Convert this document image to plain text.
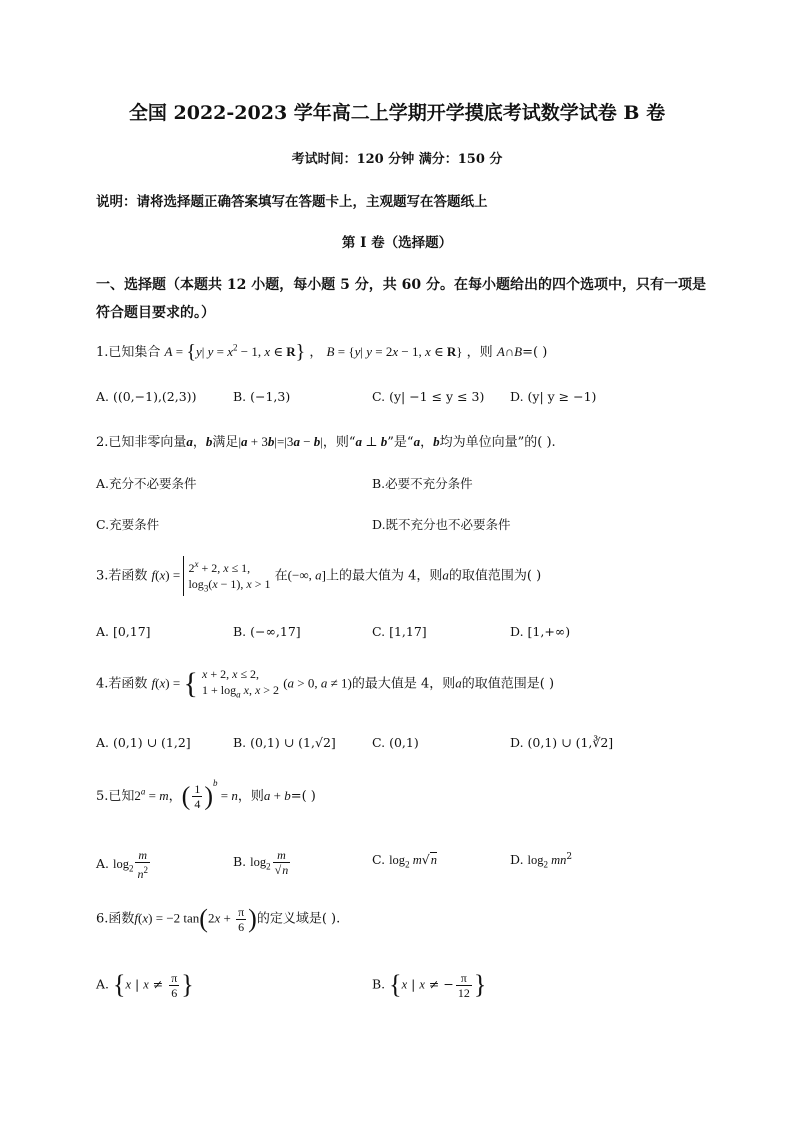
全国 2022-2023 学年高二上学期开学摸底考试数学试卷 B 卷
考试时间：120 分钟 满分：150 分
说明：请将选择题正确答案填写在答题卡上，主观题写在答题纸上
第 I 卷（选择题）
一、选择题（本题共 12 小题，每小题 5 分，共 60 分。在每小题给出的四个选项中，只有一项是符合题目要求的。）
1.已知集合 A = {y| $y = x^2 - 1$, x ∈ R} ， B = {y| y = 2x − 1, x ∈ R} ，则 A∩B=( )
A. ((0,−1),(2,3))	B. (−1,3)	C. (y| −1 ≤ y ≤ 3) D. (y| y ≥ −1)
2.已知非零向量a，b满足|a + 3b|=|3a − b|，则“a ⊥ b”是“a，b均为单位向量”的( ).
A.充分不必要条件	B.必要不充分条件
C.充要条件	D.既不充分也不必要条件
3.若函数 $f(x) = 2^x + 2$, x ≤ 1,
$\log_3(x - 1)$, x > 1
在(−∞, a]上的最大值为 4，则a的取值范围为( )
A. [0,17]	B. (−∞,17]	C. [1,17]	D. [1,+∞)
4.若函数 f(x) = { x + 2, x ≤ 2,
$1 + \log_a x$, x > 2 (a > 0, a ≠ 1)的最大值是 4，则a的取值范围是( )
A. (0,1) ∪ (1,2]	B. (0,1) ∪ (1,√2]	C. (0,1)	D. (0,1) ∪ (1,∛2]
5.已知$2^a = m$，( $\frac{1}{4} )^b = n$，则a + b=( )
A. $\log_2 \frac{m}{n^2}$	B. $\log_2 \frac{m}{√n}$	C. $\log_2 m√n$	D. $\log_2 mn^2$
6.函数f(x) = −2 $\tan(2x + \frac{\pi}{6}$ )的定义域是( ).
A. {x | $x \ne \frac{\pi}{6}$ }	B. {x | x ≠ − $\frac{\pi}{12}$ }
